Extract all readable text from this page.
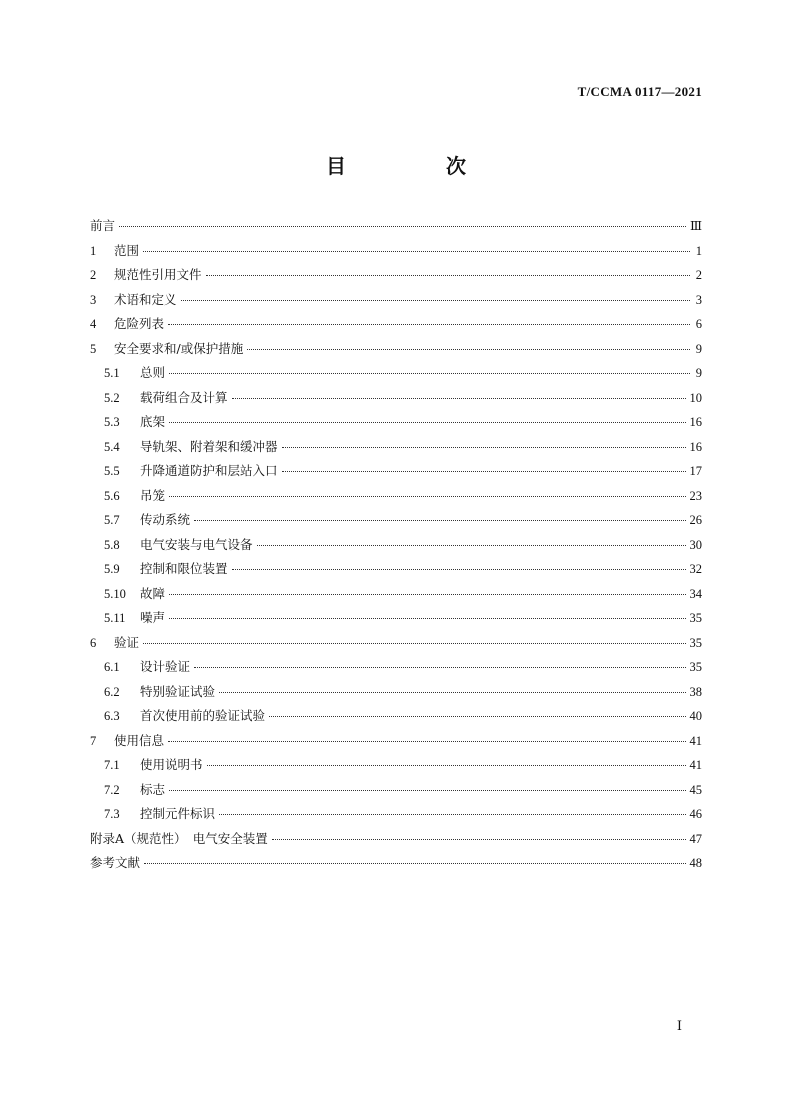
T/CCMA 0117—2021
目　次
前言	Ⅲ
1	范围	1
2	规范性引用文件	2
3	术语和定义	3
4	危险列表	6
5	安全要求和/或保护措施	9
5.1	总则	9
5.2	载荷组合及计算	10
5.3	底架	16
5.4	导轨架、附着架和缓冲器	16
5.5	升降通道防护和层站入口	17
5.6	吊笼	23
5.7	传动系统	26
5.8	电气安装与电气设备	30
5.9	控制和限位装置	32
5.10	故障	34
5.11	噪声	35
6	验证	35
6.1	设计验证	35
6.2	特别验证试验	38
6.3	首次使用前的验证试验	40
7	使用信息	41
7.1	使用说明书	41
7.2	标志	45
7.3	控制元件标识	46
附录A（规范性）　电气安全装置	47
参考文献	48
Ⅰ
